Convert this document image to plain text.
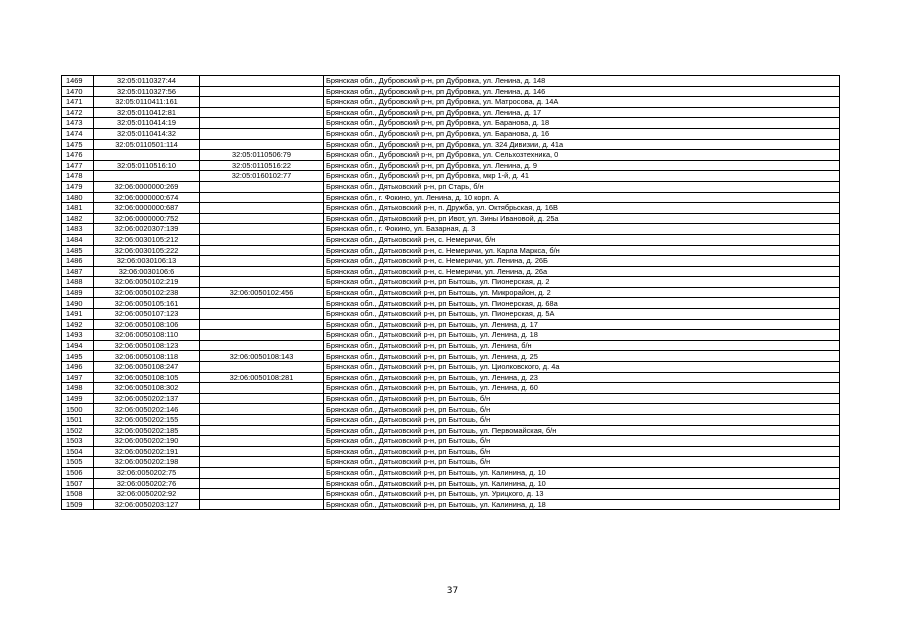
1469	32:05:0110327:44		Брянская обл., Дубровский р-н, рп Дубровка, ул. Ленина, д. 148
1470	32:05:0110327:56		Брянская обл., Дубровский р-н, рп Дубровка, ул. Ленина, д. 146
1471	32:05:0110411:161		Брянская обл., Дубровский р-н, рп Дубровка, ул. Матросова, д. 14А
1472	32:05:0110412:81		Брянская обл., Дубровский р-н, рп Дубровка, ул. Ленина, д. 17
1473	32:05:0110414:19		Брянская обл., Дубровский р-н, рп Дубровка, ул. Баранова, д. 18
1474	32:05:0110414:32		Брянская обл., Дубровский р-н, рп Дубровка, ул. Баранова, д. 16
1475	32:05:0110501:114		Брянская обл., Дубровский р-н, рп Дубровка, ул. 324 Дивизии, д. 41а
1476		32:05:0110506:79	Брянская обл., Дубровский р-н, рп Дубровка, ул. Сельхозтехника, 0
1477	32:05:0110516:10	32:05:0110516:22	Брянская обл., Дубровский р-н, рп Дубровка, ул. Ленина, д. 9
1478		32:05:0160102:77	Брянская обл., Дубровский р-н, рп Дубровка, мкр 1-й, д. 41
1479	32:06:0000000:269		Брянская обл., Дятьковский р-н, рп Старь, б/н
1480	32:06:0000000:674		Брянская обл., г. Фокино, ул. Ленина, д. 10 корп. А
1481	32:06:0000000:687		Брянская обл., Дятьковский р-н, п. Дружба, ул. Октябрьская, д. 16В
1482	32:06:0000000:752		Брянская обл., Дятьковский р-н, рп Ивот, ул. Зины Ивановой, д. 25а
1483	32:06:0020307:139		Брянская обл., г. Фокино, ул. Базарная, д. 3
1484	32:06:0030105:212		Брянская обл., Дятьковский р-н, с. Немеричи, б/н
1485	32:06:0030105:222		Брянская обл., Дятьковский р-н, с. Немеричи, ул. Карла Маркса, б/н
1486	32:06:0030106:13		Брянская обл., Дятьковский р-н, с. Немеричи, ул. Ленина, д. 26Б
1487	32:06:0030106:6		Брянская обл., Дятьковский р-н, с. Немеричи, ул. Ленина, д. 26а
1488	32:06:0050102:219		Брянская обл., Дятьковский р-н, рп Бытошь, ул. Пионерская, д. 2
1489	32:06:0050102:238	32:06:0050102:456	Брянская обл., Дятьковский р-н, рп Бытошь, ул. Микрорайон, д. 2
1490	32:06:0050105:161		Брянская обл., Дятьковский р-н, рп Бытошь, ул. Пионерская, д. 68а
1491	32:06:0050107:123		Брянская обл., Дятьковский р-н, рп Бытошь, ул. Пионерская, д. 5А
1492	32:06:0050108:106		Брянская обл., Дятьковский р-н, рп Бытошь, ул. Ленина, д. 17
1493	32:06:0050108:110		Брянская обл., Дятьковский р-н, рп Бытошь, ул. Ленина, д. 18
1494	32:06:0050108:123		Брянская обл., Дятьковский р-н, рп Бытошь, ул. Ленина, б/н
1495	32:06:0050108:118	32:06:0050108:143	Брянская обл., Дятьковский р-н, рп Бытошь, ул. Ленина, д. 25
1496	32:06:0050108:247		Брянская обл., Дятьковский р-н, рп Бытошь, ул. Циолковского, д. 4а
1497	32:06:0050108:105	32:06:0050108:281	Брянская обл., Дятьковский р-н, рп Бытошь, ул. Ленина, д. 23
1498	32:06:0050108:302		Брянская обл., Дятьковский р-н, рп Бытошь, ул. Ленина, д. 60
1499	32:06:0050202:137		Брянская обл., Дятьковский р-н, рп Бытошь, б/н
1500	32:06:0050202:146		Брянская обл., Дятьковский р-н, рп Бытошь, б/н
1501	32:06:0050202:155		Брянская обл., Дятьковский р-н, рп Бытошь, б/н
1502	32:06:0050202:185		Брянская обл., Дятьковский р-н, рп Бытошь, ул. Первомайская, б/н
1503	32:06:0050202:190		Брянская обл., Дятьковский р-н, рп Бытошь, б/н
1504	32:06:0050202:191		Брянская обл., Дятьковский р-н, рп Бытошь, б/н
1505	32:06:0050202:198		Брянская обл., Дятьковский р-н, рп Бытошь, б/н
1506	32:06:0050202:75		Брянская обл., Дятьковский р-н, рп Бытошь, ул. Калинина, д. 10
1507	32:06:0050202:76		Брянская обл., Дятьковский р-н, рп Бытошь, ул. Калинина, д. 10
1508	32:06:0050202:92		Брянская обл., Дятьковский р-н, рп Бытошь, ул. Урицкого, д. 13
1509	32:06:0050203:127		Брянская обл., Дятьковский р-н, рп Бытошь, ул. Калинина, д. 18
37
